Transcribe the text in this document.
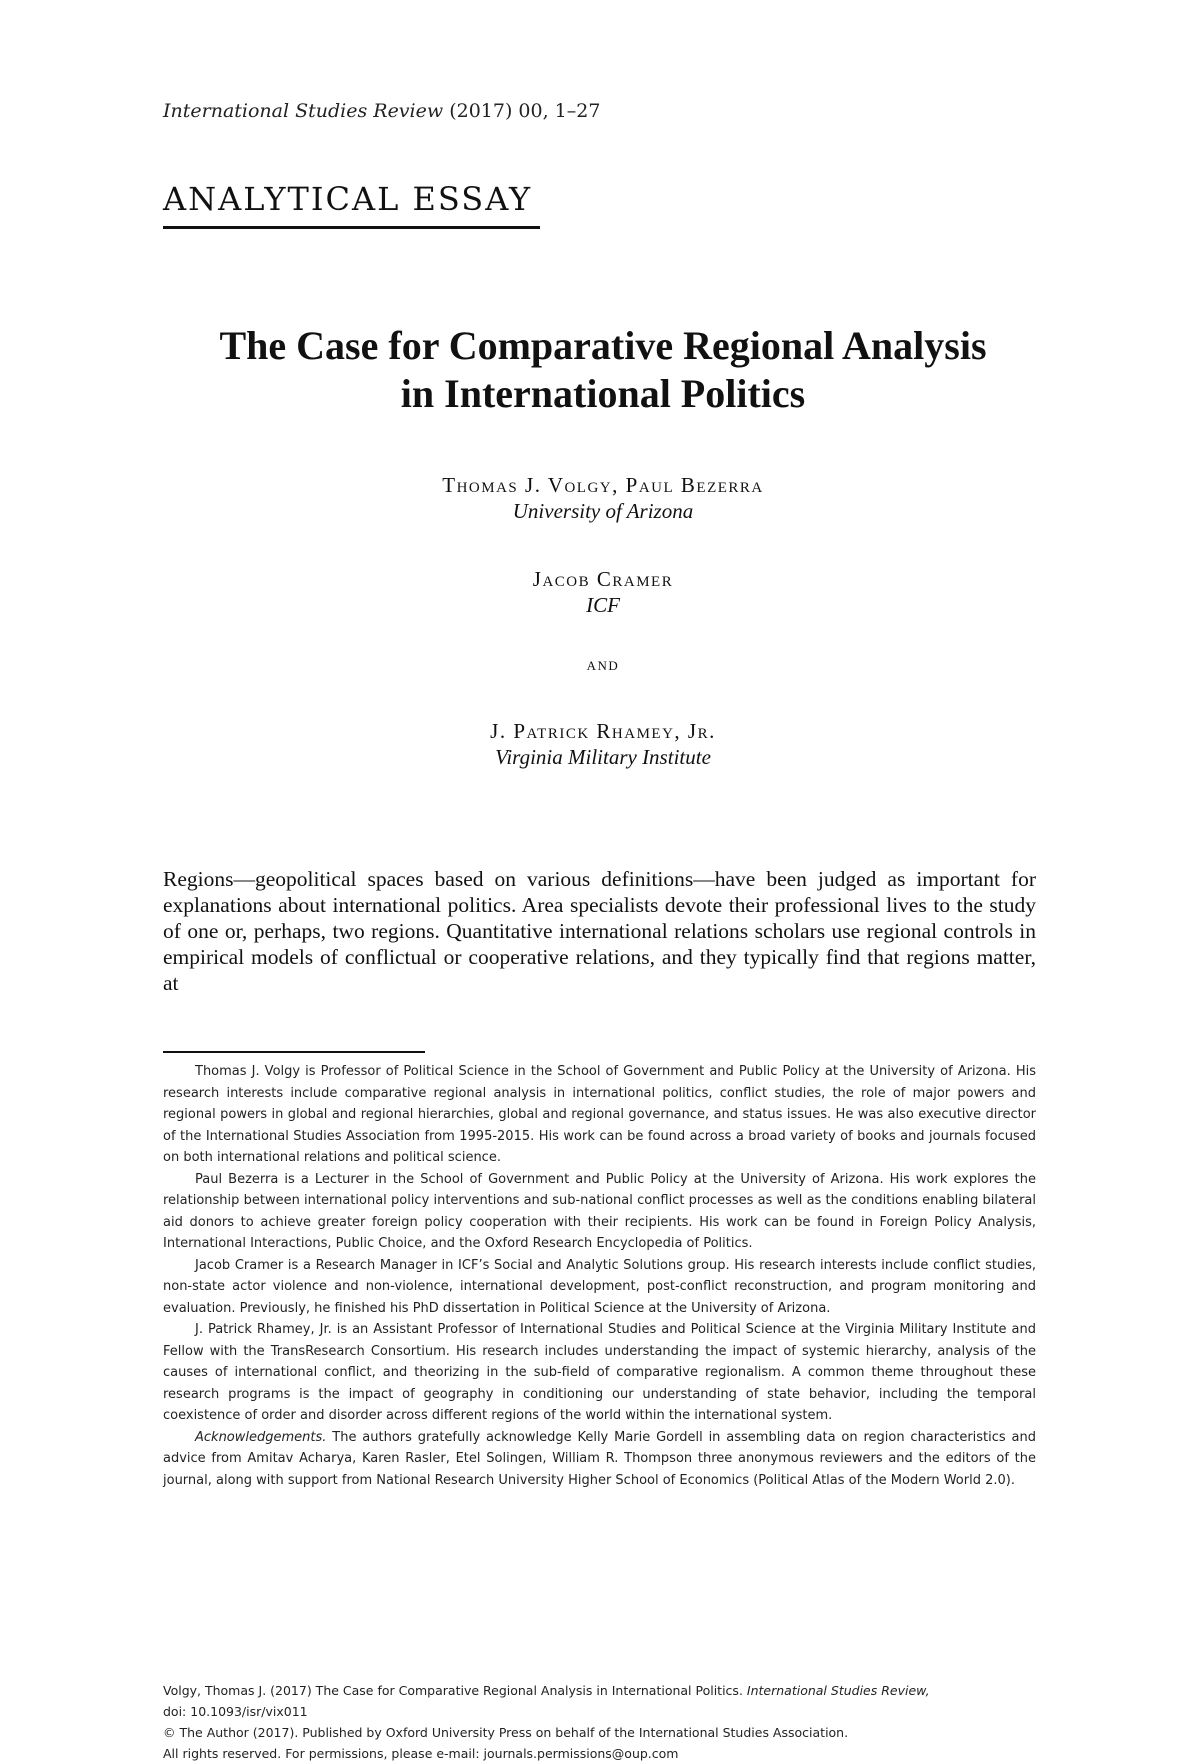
International Studies Review (2017) 00, 1–27
ANALYTICAL ESSAY
The Case for Comparative Regional Analysis
in International Politics
Thomas J. Volgy, Paul Bezerra
University of Arizona
Jacob Cramer
ICF
and
J. Patrick Rhamey, Jr.
Virginia Military Institute
Regions—geopolitical spaces based on various definitions—have been judged as important for explanations about international politics. Area specialists devote their professional lives to the study of one or, perhaps, two regions. Quantitative international relations scholars use regional controls in empirical models of conflictual or cooperative relations, and they typically find that regions matter, at

Thomas J. Volgy is Professor of Political Science in the School of Government and Public Policy at the University of Arizona. His research interests include comparative regional analysis in international politics, conflict studies, the role of major powers and regional powers in global and regional hierarchies, global and regional governance, and status issues. He was also executive director of the International Studies Association from 1995-2015. His work can be found across a broad variety of books and journals focused on both international relations and political science.

Paul Bezerra is a Lecturer in the School of Government and Public Policy at the University of Arizona. His work explores the relationship between international policy interventions and sub-national conflict processes as well as the conditions enabling bilateral aid donors to achieve greater foreign policy cooperation with their recipients. His work can be found in Foreign Policy Analysis, International Interactions, Public Choice, and the Oxford Research Encyclopedia of Politics.

Jacob Cramer is a Research Manager in ICF’s Social and Analytic Solutions group. His research interests include conflict studies, non-state actor violence and non-violence, international development, post-conflict reconstruction, and program monitoring and evaluation. Previously, he finished his PhD dissertation in Political Science at the University of Arizona.

J. Patrick Rhamey, Jr. is an Assistant Professor of International Studies and Political Science at the Virginia Military Institute and Fellow with the TransResearch Consortium. His research includes understanding the impact of systemic hierarchy, analysis of the causes of international conflict, and theorizing in the sub-field of comparative regionalism. A common theme throughout these research programs is the impact of geography in conditioning our understanding of state behavior, including the temporal coexistence of order and disorder across different regions of the world within the international system.

Acknowledgements. The authors gratefully acknowledge Kelly Marie Gordell in assembling data on region characteristics and advice from Amitav Acharya, Karen Rasler, Etel Solingen, William R. Thompson three anonymous reviewers and the editors of the journal, along with support from National Research University Higher School of Economics (Political Atlas of the Modern World 2.0).

Volgy, Thomas J. (2017) The Case for Comparative Regional Analysis in International Politics. International Studies Review,

doi: 10.1093/isr/vix011

© The Author (2017). Published by Oxford University Press on behalf of the International Studies Association.

All rights reserved. For permissions, please e-mail: journals.permissions@oup.com
